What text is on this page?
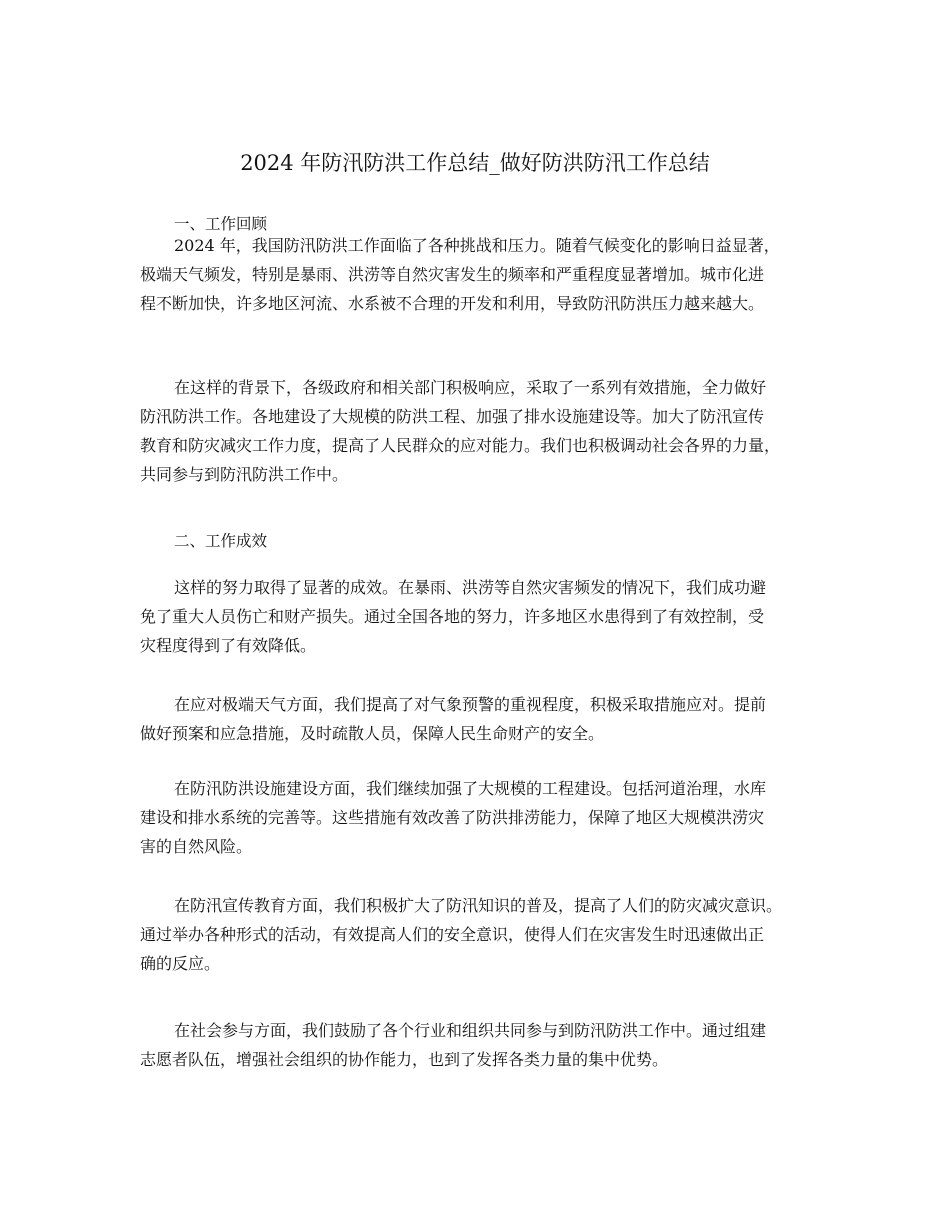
2024 年防汛防洪工作总结_做好防洪防汛工作总结
一、工作回顾
2024 年，我国防汛防洪工作面临了各种挑战和压力。随着气候变化的影响日益显著，
极端天气频发，特别是暴雨、洪涝等自然灾害发生的频率和严重程度显著增加。城市化进
程不断加快，许多地区河流、水系被不合理的开发和利用，导致防汛防洪压力越来越大。
在这样的背景下，各级政府和相关部门积极响应，采取了一系列有效措施，全力做好
防汛防洪工作。各地建设了大规模的防洪工程、加强了排水设施建设等。加大了防汛宣传
教育和防灾减灾工作力度，提高了人民群众的应对能力。我们也积极调动社会各界的力量，
共同参与到防汛防洪工作中。
二、工作成效
这样的努力取得了显著的成效。在暴雨、洪涝等自然灾害频发的情况下，我们成功避
免了重大人员伤亡和财产损失。通过全国各地的努力，许多地区水患得到了有效控制，受
灾程度得到了有效降低。
在应对极端天气方面，我们提高了对气象预警的重视程度，积极采取措施应对。提前
做好预案和应急措施，及时疏散人员，保障人民生命财产的安全。
在防汛防洪设施建设方面，我们继续加强了大规模的工程建设。包括河道治理，水库
建设和排水系统的完善等。这些措施有效改善了防洪排涝能力，保障了地区大规模洪涝灾
害的自然风险。
在防汛宣传教育方面，我们积极扩大了防汛知识的普及，提高了人们的防灾减灾意识。
通过举办各种形式的活动，有效提高人们的安全意识，使得人们在灾害发生时迅速做出正
确的反应。
在社会参与方面，我们鼓励了各个行业和组织共同参与到防汛防洪工作中。通过组建
志愿者队伍，增强社会组织的协作能力，也到了发挥各类力量的集中优势。
